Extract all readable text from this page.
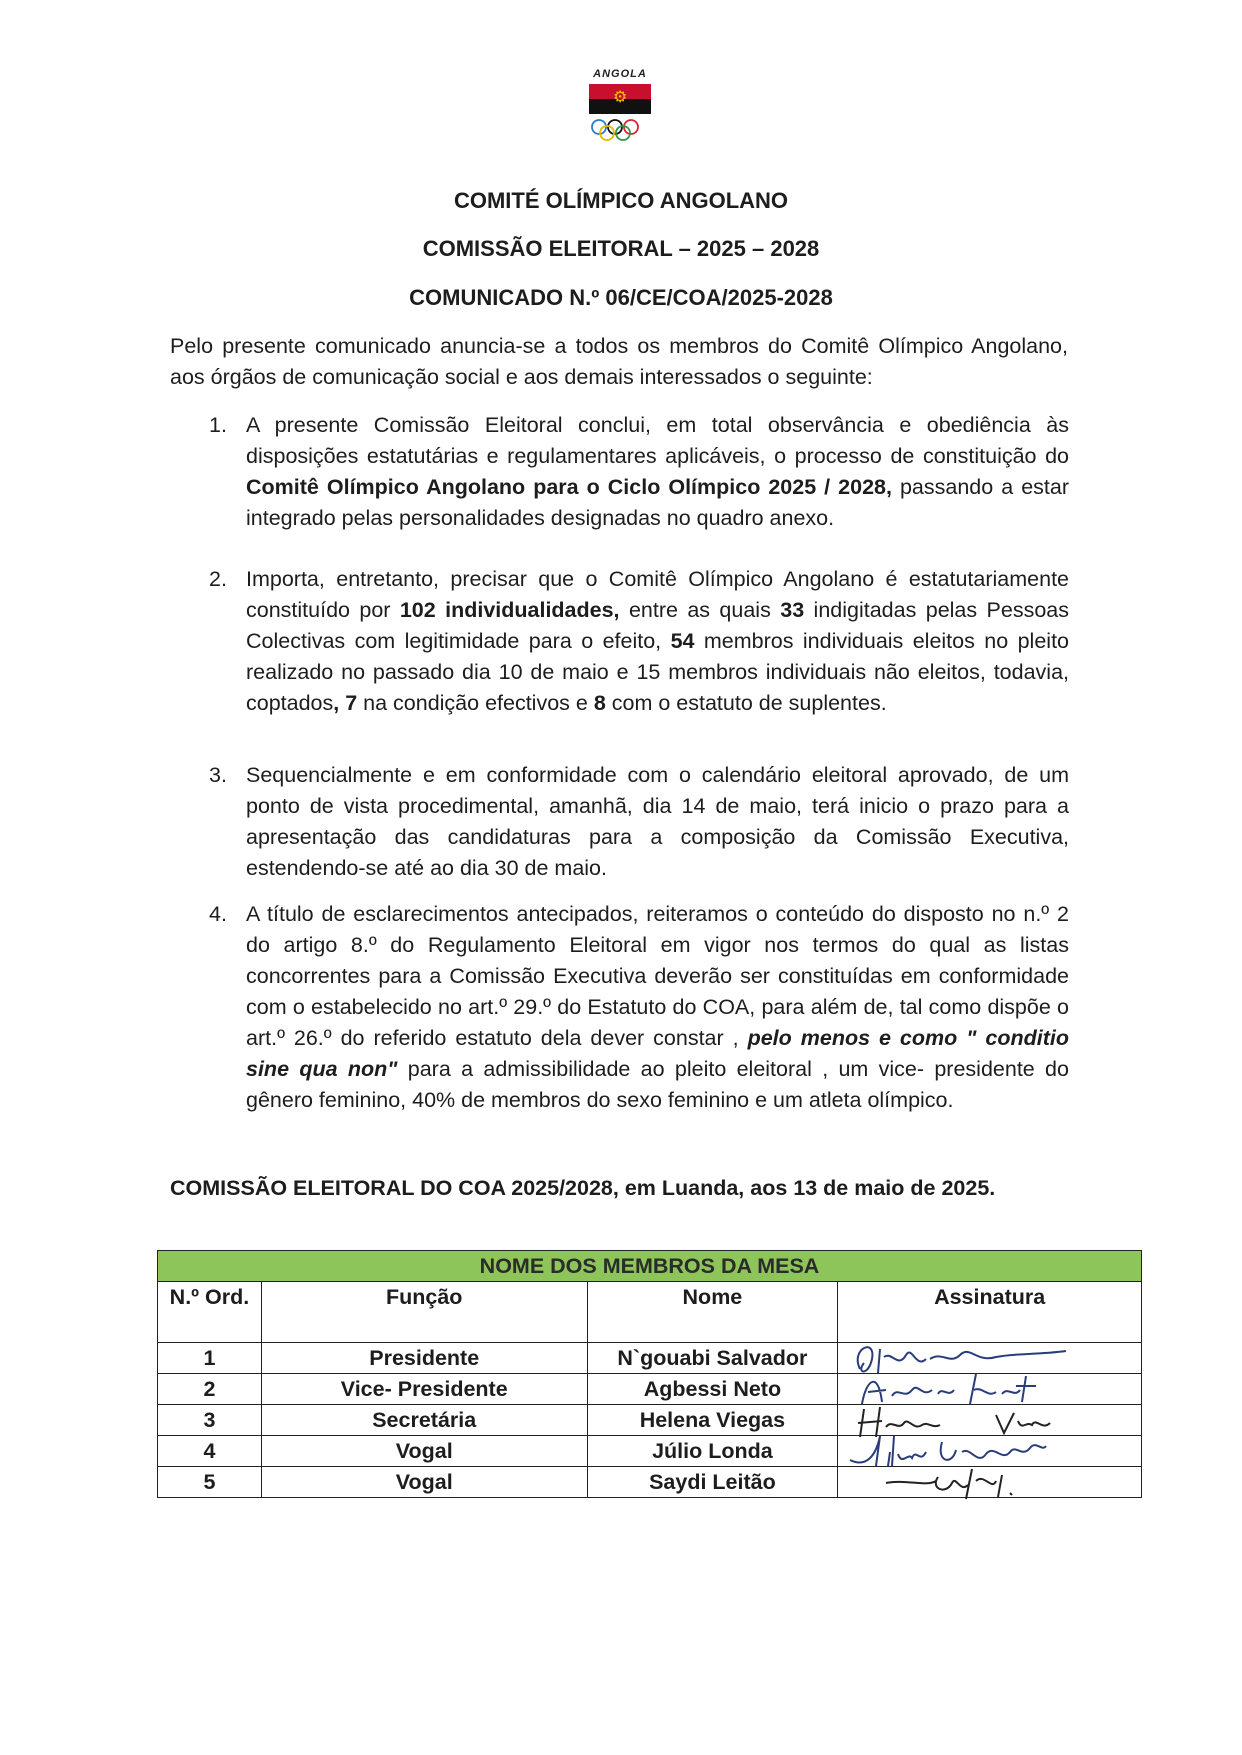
ANGOLA
⚙
COMITÉ OLÍMPICO ANGOLANO
COMISSÃO ELEITORAL – 2025 – 2028
COMUNICADO N.º 06/CE/COA/2025-2028
Pelo presente comunicado anuncia-se a todos os membros do Comitê Olímpico Angolano, aos órgãos de comunicação social e aos demais interessados o seguinte:
1. A presente Comissão Eleitoral conclui, em total observância e obediência às disposições estatutárias e regulamentares aplicáveis, o processo de constituição do Comitê Olímpico Angolano para o Ciclo Olímpico 2025 / 2028, passando a estar integrado pelas personalidades designadas no quadro anexo.
2. Importa, entretanto, precisar que o Comitê Olímpico Angolano é estatutariamente constituído por 102 individualidades, entre as quais 33 indigitadas pelas Pessoas Colectivas com legitimidade para o efeito, 54 membros individuais eleitos no pleito realizado no passado dia 10 de maio e 15 membros individuais não eleitos, todavia, coptados, 7 na condição efectivos e 8 com o estatuto de suplentes.
3. Sequencialmente e em conformidade com o calendário eleitoral aprovado, de um ponto de vista procedimental, amanhã, dia 14 de maio, terá inicio o prazo para a apresentação das candidaturas para a composição da Comissão Executiva, estendendo-se até ao dia 30 de maio.
4. A título de esclarecimentos antecipados, reiteramos o conteúdo do disposto no n.º 2 do artigo 8.º do Regulamento Eleitoral em vigor nos termos do qual as listas concorrentes para a Comissão Executiva deverão ser constituídas em conformidade com o estabelecido no art.º 29.º do Estatuto do COA, para além de, tal como dispõe o art.º 26.º do referido estatuto dela dever constar , pelo menos e como " conditio sine qua non" para a admissibilidade ao pleito eleitoral , um vice- presidente do gênero feminino, 40% de membros do sexo feminino e um atleta olímpico.
COMISSÃO ELEITORAL DO COA 2025/2028, em Luanda, aos 13 de maio de 2025.
NOME DOS MEMBROS DA MESA			
N.º Ord.	Função	Nome	Assinatura
1	Presidente	N`gouabi Salvador	

2	Vice- Presidente	Agbessi Neto	

3	Secretária	Helena Viegas	

4	Vogal	Júlio Londa	

5	Vogal	Saydi Leitão	
